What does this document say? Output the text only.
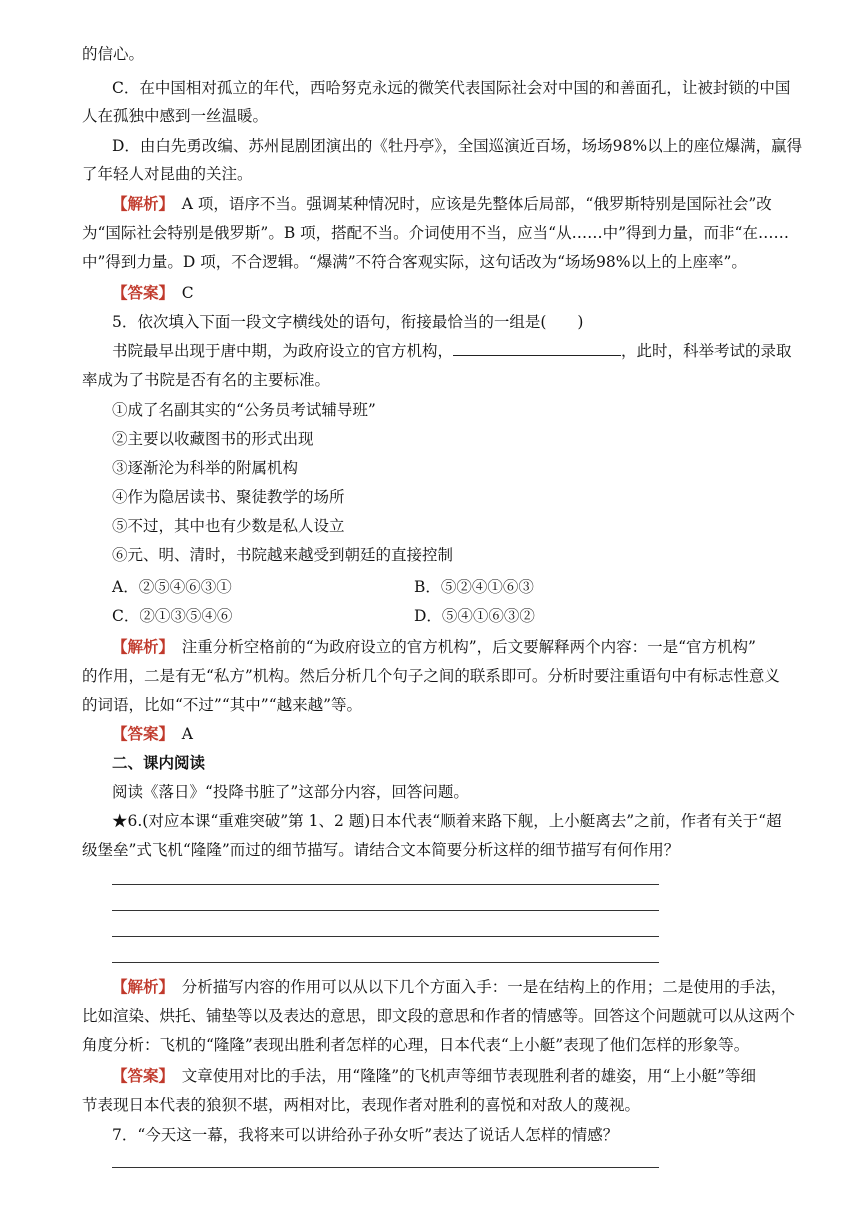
的信心。
C．在中国相对孤立的年代，西哈努克永远的微笑代表国际社会对中国的和善面孔，让被封锁的中国
人在孤独中感到一丝温暖。
D．由白先勇改编、苏州昆剧团演出的《牡丹亭》，全国巡演近百场，场场98%以上的座位爆满，赢得
了年轻人对昆曲的关注。
【解析】　 A 项，语序不当。强调某种情况时，应该是先整体后局部，“俄罗斯特别是国际社会”改
为“国际社会特别是俄罗斯”。B 项，搭配不当。介词使用不当，应当“从……中”得到力量，而非“在……
中”得到力量。D 项，不合逻辑。“爆满”不符合客观实际，这句话改为“场场98%以上的上座率”。
【答案】　 C
5．依次填入下面一段文字横线处的语句，衔接最恰当的一组是(　　)
书院最早出现于唐中期，为政府设立的官方机构，	，此时，科举考试的录取
率成为了书院是否有名的主要标准。
①成了名副其实的“公务员考试辅导班”
②主要以收藏图书的形式出现
③逐渐沦为科举的附属机构
④作为隐居读书、聚徒教学的场所
⑤不过，其中也有少数是私人设立
⑥元、明、清时，书院越来越受到朝廷的直接控制
A．②⑤④⑥③①	B．⑤②④①⑥③
C．②①③⑤④⑥	D．⑤④①⑥③②
【解析】　 注重分析空格前的“为政府设立的官方机构”，后文要解释两个内容：一是“官方机构”
的作用，二是有无“私方”机构。然后分析几个句子之间的联系即可。分析时要注重语句中有标志性意义
的词语，比如“不过”“其中”“越来越”等。
【答案】　 A
二、课内阅读
阅读《落日》“投降书脏了”这部分内容，回答问题。
★6.(对应本课“重难突破”第 1、2 题)日本代表“顺着来路下舰，上小艇离去”之前，作者有关于“超
级堡垒”式飞机“隆隆”而过的细节描写。请结合文本简要分析这样的细节描写有何作用？
【解析】　 分析描写内容的作用可以从以下几个方面入手：一是在结构上的作用；二是使用的手法，
比如渲染、烘托、铺垫等以及表达的意思，即文段的意思和作者的情感等。回答这个问题就可以从这两个
角度分析：飞机的“隆隆”表现出胜利者怎样的心理，日本代表“上小艇”表现了他们怎样的形象等。
【答案】　 文章使用对比的手法，用“隆隆”的飞机声等细节表现胜利者的雄姿，用“上小艇”等细
节表现日本代表的狼狈不堪，两相对比，表现作者对胜利的喜悦和对敌人的蔑视。
7．“今天这一幕，我将来可以讲给孙子孙女听”表达了说话人怎样的情感？
